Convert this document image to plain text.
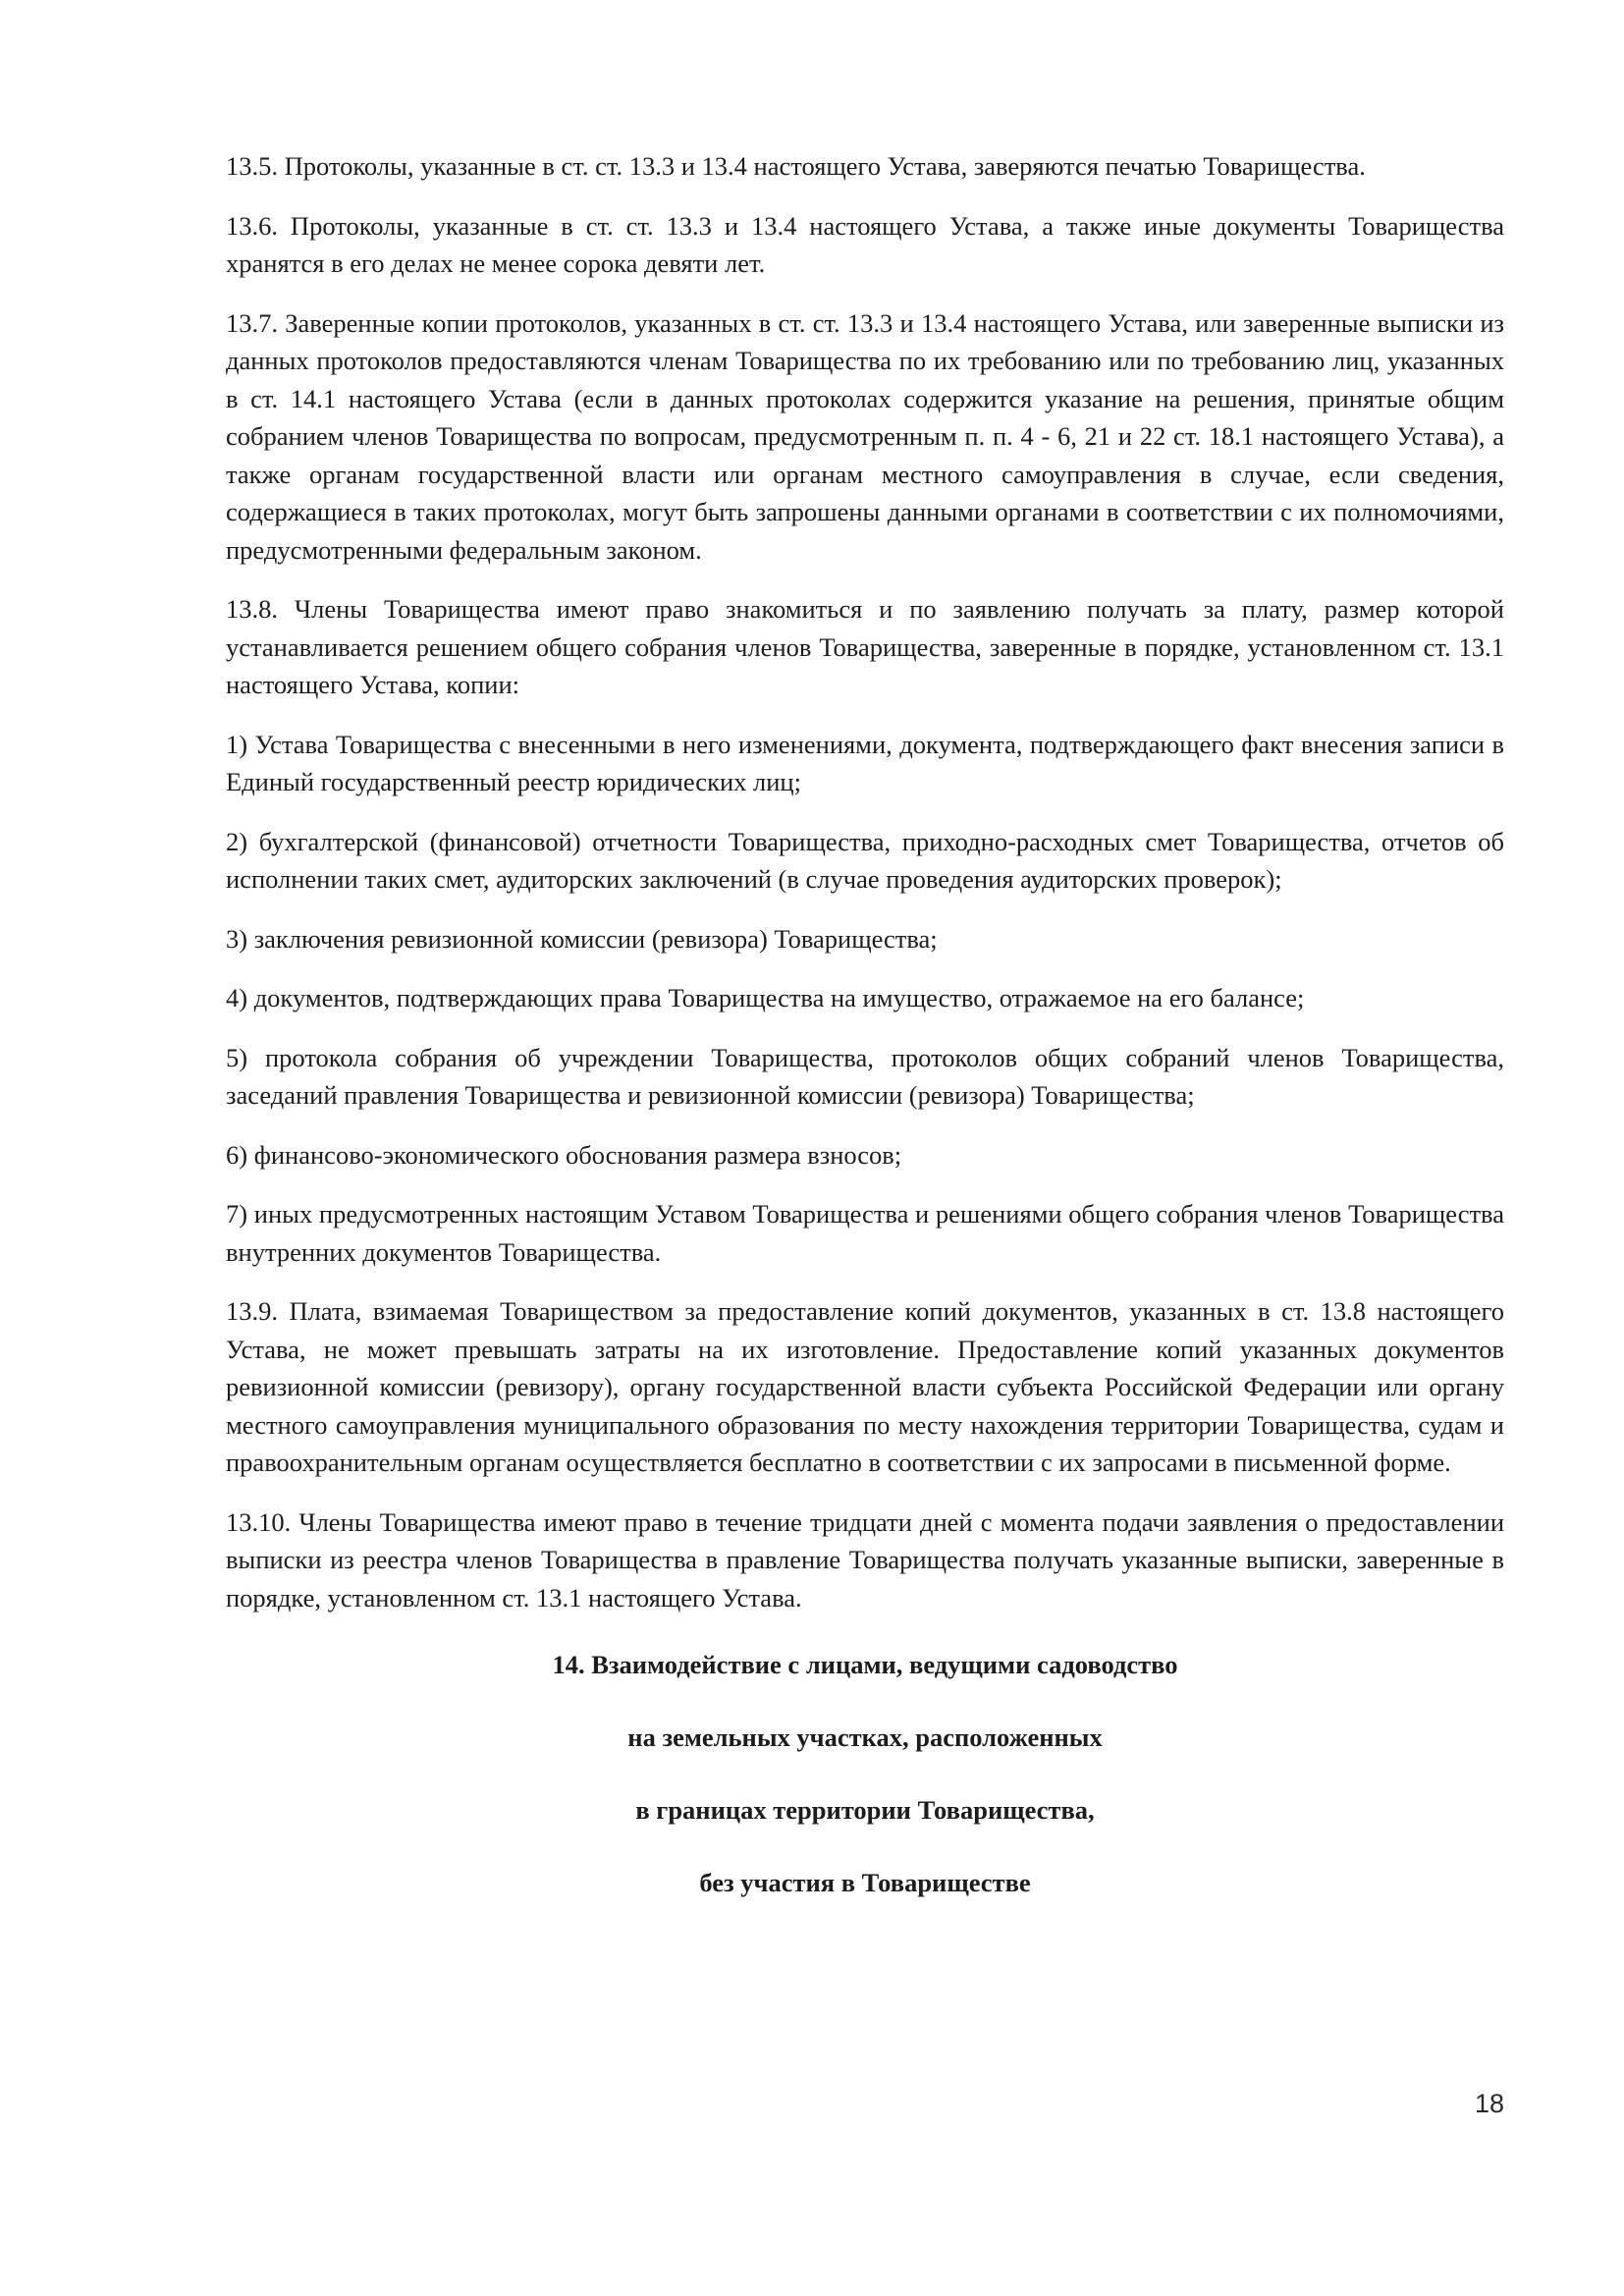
13.5. Протоколы, указанные в ст. ст. 13.3 и 13.4 настоящего Устава, заверяются печатью Товарищества.

13.6. Протоколы, указанные в ст. ст. 13.3 и 13.4 настоящего Устава, а также иные документы Товарищества хранятся в его делах не менее сорока девяти лет.

13.7. Заверенные копии протоколов, указанных в ст. ст. 13.3 и 13.4 настоящего Устава, или заверенные выписки из данных протоколов предоставляются членам Товарищества по их требованию или по требованию лиц, указанных в ст. 14.1 настоящего Устава (если в данных протоколах содержится указание на решения, принятые общим собранием членов Товарищества по вопросам, предусмотренным п. п. 4 - 6, 21 и 22 ст. 18.1 настоящего Устава), а также органам государственной власти или органам местного самоуправления в случае, если сведения, содержащиеся в таких протоколах, могут быть запрошены данными органами в соответствии с их полномочиями, предусмотренными федеральным законом.

13.8. Члены Товарищества имеют право знакомиться и по заявлению получать за плату, размер которой устанавливается решением общего собрания членов Товарищества, заверенные в порядке, установленном ст. 13.1 настоящего Устава, копии:

1) Устава Товарищества с внесенными в него изменениями, документа, подтверждающего факт внесения записи в Единый государственный реестр юридических лиц;

2) бухгалтерской (финансовой) отчетности Товарищества, приходно-расходных смет Товарищества, отчетов об исполнении таких смет, аудиторских заключений (в случае проведения аудиторских проверок);

3) заключения ревизионной комиссии (ревизора) Товарищества;

4) документов, подтверждающих права Товарищества на имущество, отражаемое на его балансе;

5) протокола собрания об учреждении Товарищества, протоколов общих собраний членов Товарищества, заседаний правления Товарищества и ревизионной комиссии (ревизора) Товарищества;

6) финансово-экономического обоснования размера взносов;

7) иных предусмотренных настоящим Уставом Товарищества и решениями общего собрания членов Товарищества внутренних документов Товарищества.

13.9. Плата, взимаемая Товариществом за предоставление копий документов, указанных в ст. 13.8 настоящего Устава, не может превышать затраты на их изготовление. Предоставление копий указанных документов ревизионной комиссии (ревизору), органу государственной власти субъекта Российской Федерации или органу местного самоуправления муниципального образования по месту нахождения территории Товарищества, судам и правоохранительным органам осуществляется бесплатно в соответствии с их запросами в письменной форме.

13.10. Члены Товарищества имеют право в течение тридцати дней с момента подачи заявления о предоставлении выписки из реестра членов Товарищества в правление Товарищества получать указанные выписки, заверенные в порядке, установленном ст. 13.1 настоящего Устава.

14. Взаимодействие с лицами, ведущими садоводство
на земельных участках, расположенных
в границах территории Товарищества,
без участия в Товариществе
18
